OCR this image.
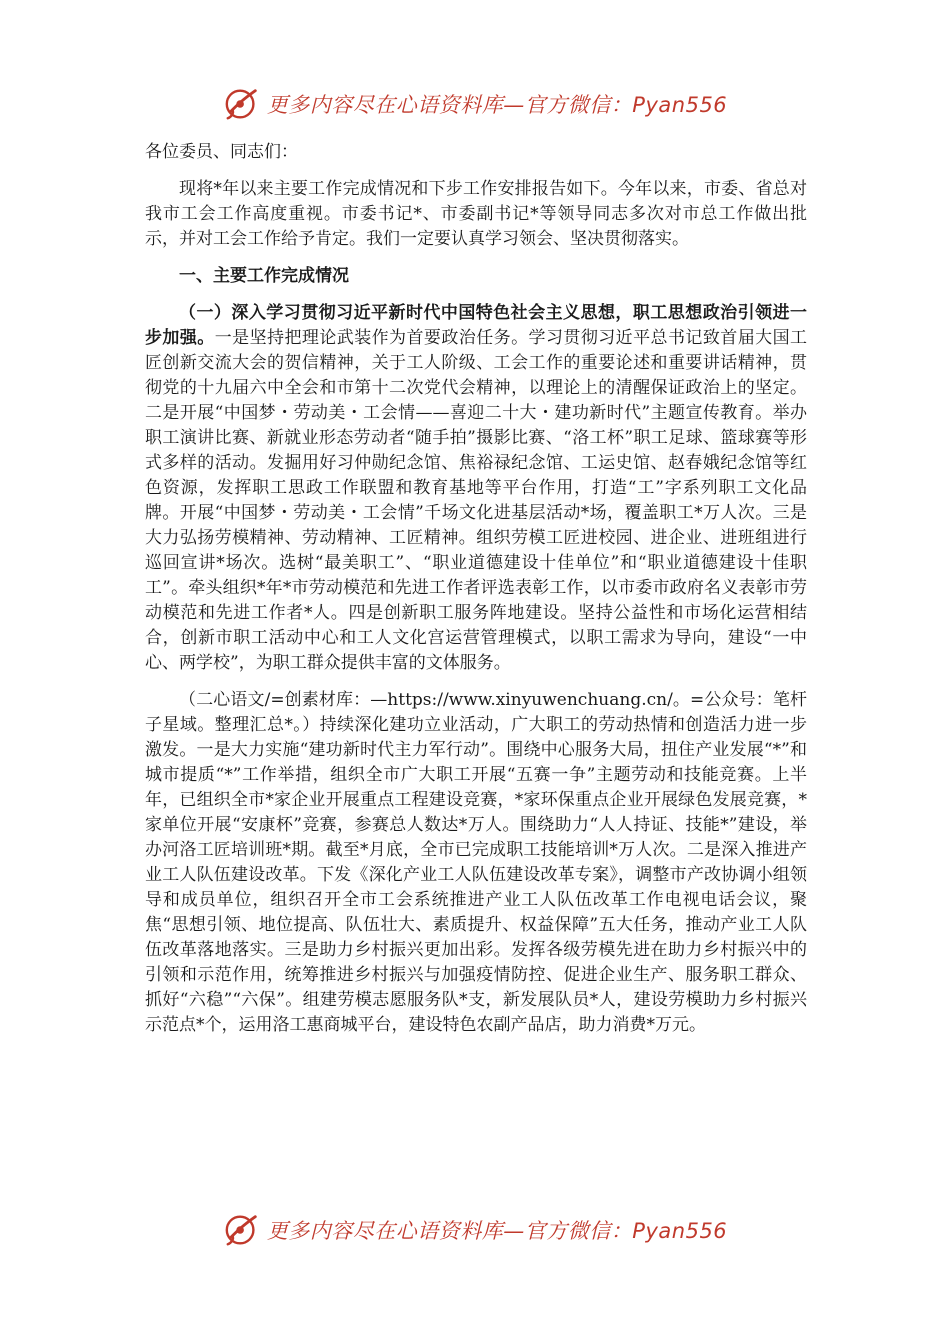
更多内容尽在心语资料库—官方微信：Pyan556

各位委员、同志们：

现将*年以来主要工作完成情况和下步工作安排报告如下。今年以来，市委、省总对我市工会工作高度重视。市委书记*、市委副书记*等领导同志多次对市总工作做出批示，并对工会工作给予肯定。我们一定要认真学习领会、坚决贯彻落实。

一、主要工作完成情况

（一）深入学习贯彻习近平新时代中国特色社会主义思想，职工思想政治引领进一步加强。一是坚持把理论武装作为首要政治任务。学习贯彻习近平总书记致首届大国工匠创新交流大会的贺信精神，关于工人阶级、工会工作的重要论述和重要讲话精神，贯彻党的十九届六中全会和市第十二次党代会精神，以理论上的清醒保证政治上的坚定。二是开展“中国梦・劳动美・工会情——喜迎二十大・建功新时代”主题宣传教育。举办职工演讲比赛、新就业形态劳动者“随手拍”摄影比赛、“洛工杯”职工足球、篮球赛等形式多样的活动。发掘用好习仲勋纪念馆、焦裕禄纪念馆、工运史馆、赵春娥纪念馆等红色资源，发挥职工思政工作联盟和教育基地等平台作用，打造“工”字系列职工文化品牌。开展“中国梦・劳动美・工会情”千场文化进基层活动*场，覆盖职工*万人次。三是大力弘扬劳模精神、劳动精神、工匠精神。组织劳模工匠进校园、进企业、进班组进行巡回宣讲*场次。选树“最美职工”、“职业道德建设十佳单位”和“职业道德建设十佳职工”。牵头组织*年*市劳动模范和先进工作者评选表彰工作，以市委市政府名义表彰市劳动模范和先进工作者*人。四是创新职工服务阵地建设。坚持公益性和市场化运营相结合，创新市职工活动中心和工人文化宫运营管理模式，以职工需求为导向，建设“一中心、两学校”，为职工群众提供丰富的文体服务。

（二心语文/=创素材库：—https://www.xinyuwenchuang.cn/。=公众号：笔杆子星域。整理汇总*。）持续深化建功立业活动，广大职工的劳动热情和创造活力进一步激发。一是大力实施“建功新时代主力军行动”。围绕中心服务大局，扭住产业发展“*”和城市提质“*”工作举措，组织全市广大职工开展“五赛一争”主题劳动和技能竞赛。上半年，已组织全市*家企业开展重点工程建设竞赛，*家环保重点企业开展绿色发展竞赛，*家单位开展“安康杯”竞赛，参赛总人数达*万人。围绕助力“人人持证、技能*”建设，举办河洛工匠培训班*期。截至*月底，全市已完成职工技能培训*万人次。二是深入推进产业工人队伍建设改革。下发《深化产业工人队伍建设改革专案》，调整市产改协调小组领导和成员单位，组织召开全市工会系统推进产业工人队伍改革工作电视电话会议，聚焦“思想引领、地位提高、队伍壮大、素质提升、权益保障”五大任务，推动产业工人队伍改革落地落实。三是助力乡村振兴更加出彩。发挥各级劳模先进在助力乡村振兴中的引领和示范作用，统筹推进乡村振兴与加强疫情防控、促进企业生产、服务职工群众、抓好“六稳”“六保”。组建劳模志愿服务队*支，新发展队员*人，建设劳模助力乡村振兴示范点*个，运用洛工惠商城平台，建设特色农副产品店，助力消费*万元。

更多内容尽在心语资料库—官方微信：Pyan556
